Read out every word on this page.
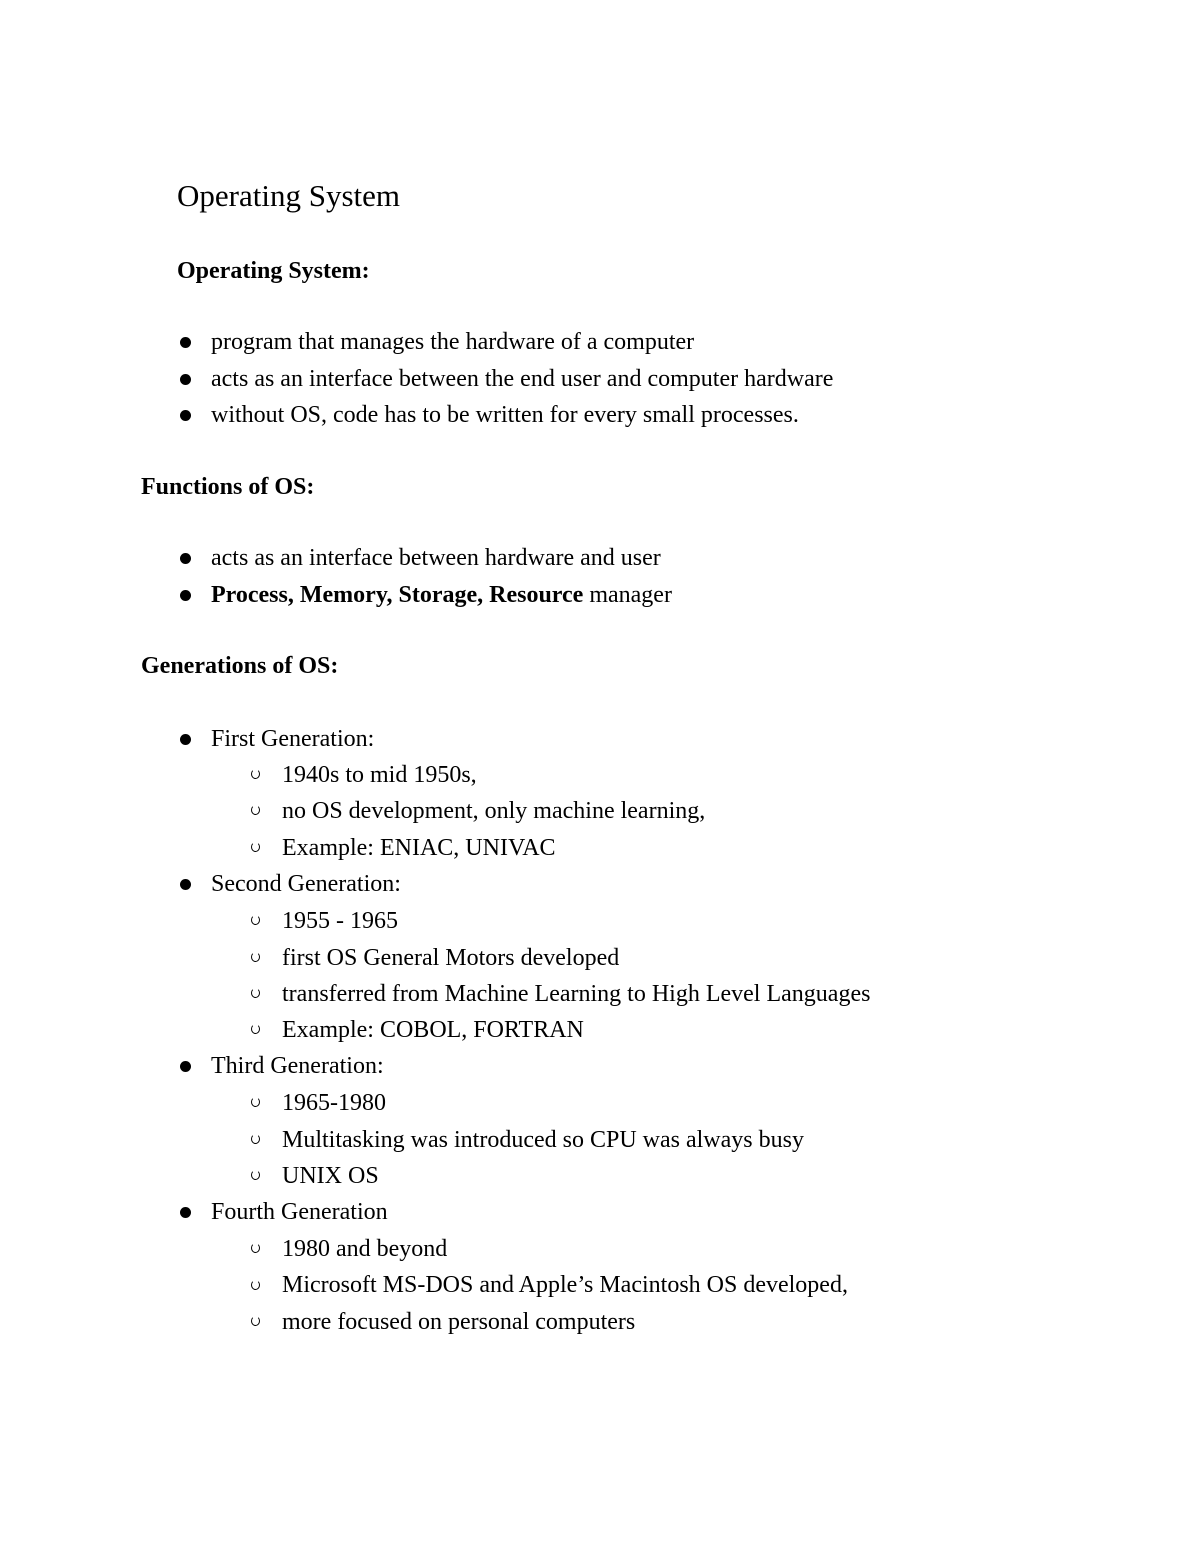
Operating System
Operating System:
program that manages the hardware of a computer
acts as an interface between the end user and computer hardware
without OS, code has to be written for every small processes.
Functions of OS:
acts as an interface between hardware and user
Process, Memory, Storage, Resource manager
Generations of OS:
First Generation:
1940s to mid 1950s,
no OS development, only machine learning,
Example: ENIAC, UNIVAC
Second Generation:
1955 - 1965
first OS General Motors developed
transferred from Machine Learning to High Level Languages
Example: COBOL, FORTRAN
Third Generation:
1965-1980
Multitasking was introduced so CPU was always busy
UNIX OS
Fourth Generation
1980 and beyond
Microsoft MS-DOS and Apple’s Macintosh OS developed,
more focused on personal computers
